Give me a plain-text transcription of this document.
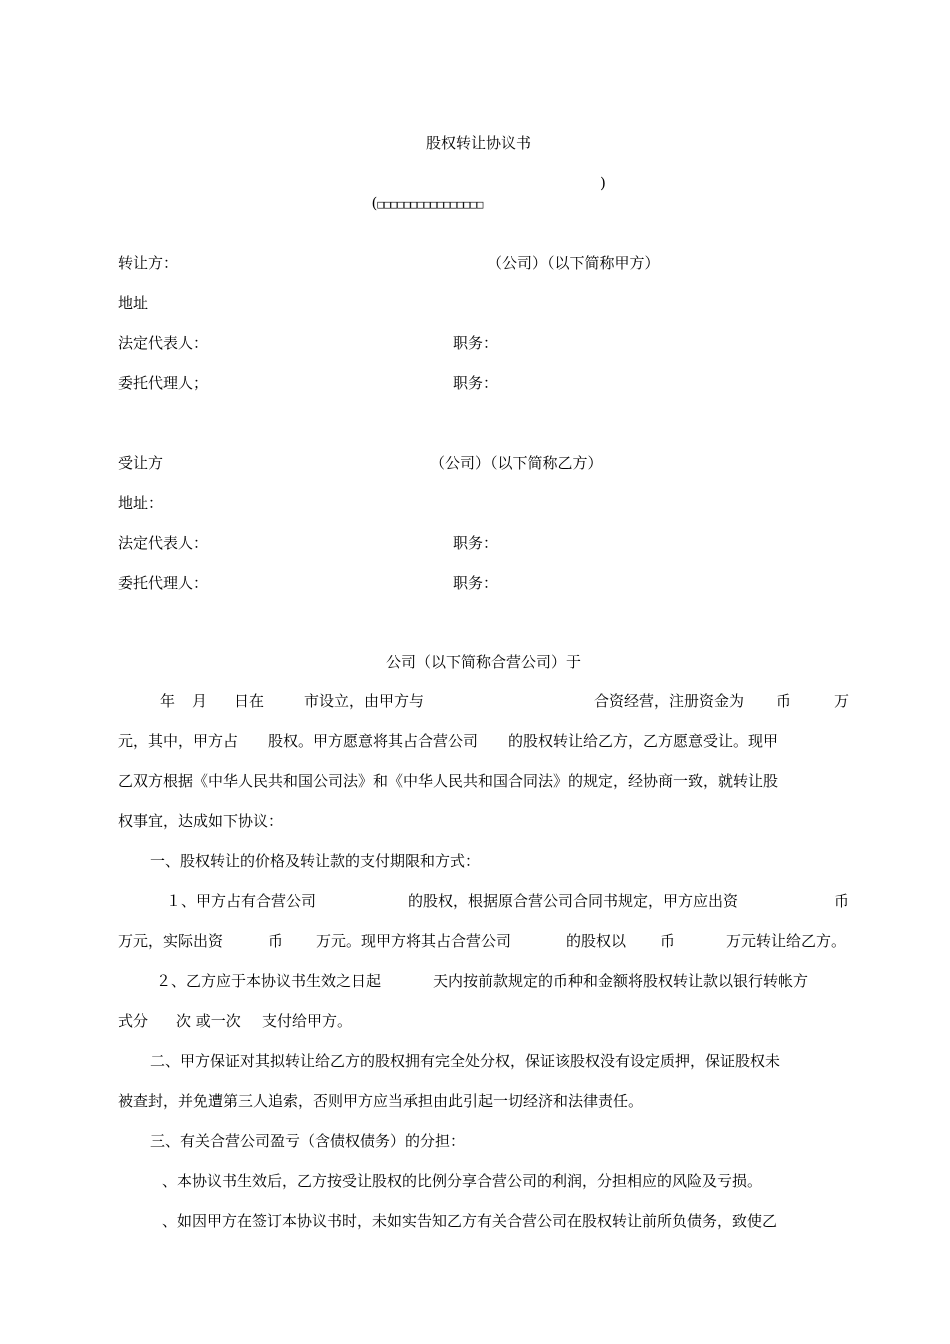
股权转让协议书

(□□□□□□□□□□□□□□□□

)
转让方：	（公司）（以下简称甲方）
地址
法定代表人：	职务：
委托代理人；	职务：
受让方	（公司）（以下简称乙方）
地址：
法定代表人：	职务：
委托代理人：	职务：
公司（以下简称合营公司）于
年 月 日在	市设立，由甲方与	合资经营，注册资金为 币	万
元，其中，甲方占　　股权。甲方愿意将其占合营公司　　的股权转让给乙方，乙方愿意受让。现甲
乙双方根据《中华人民共和国公司法》和《中华人民共和国合同法》的规定，经协商一致，就转让股
权事宜，达成如下协议：
一、股权转让的价格及转让款的支付期限和方式：
１、甲方占有合营公司	的股权，根据原合营公司合同书规定，甲方应出资	币
万元，实际出资	币 万元。现甲方将其占合营公司	的股权以 币	万元转让给乙方。
２、乙方应于本协议书生效之日起	天内按前款规定的币种和金额将股权转让款以银行转帐方
式分 次 或一次 支付给甲方。
二、甲方保证对其拟转让给乙方的股权拥有完全处分权，保证该股权没有设定质押，保证股权未
被查封，并免遭第三人追索，否则甲方应当承担由此引起一切经济和法律责任。
三、有关合营公司盈亏（含债权债务）的分担：
、本协议书生效后，乙方按受让股权的比例分享合营公司的利润，分担相应的风险及亏损。
、如因甲方在签订本协议书时，未如实告知乙方有关合营公司在股权转让前所负债务，致使乙
